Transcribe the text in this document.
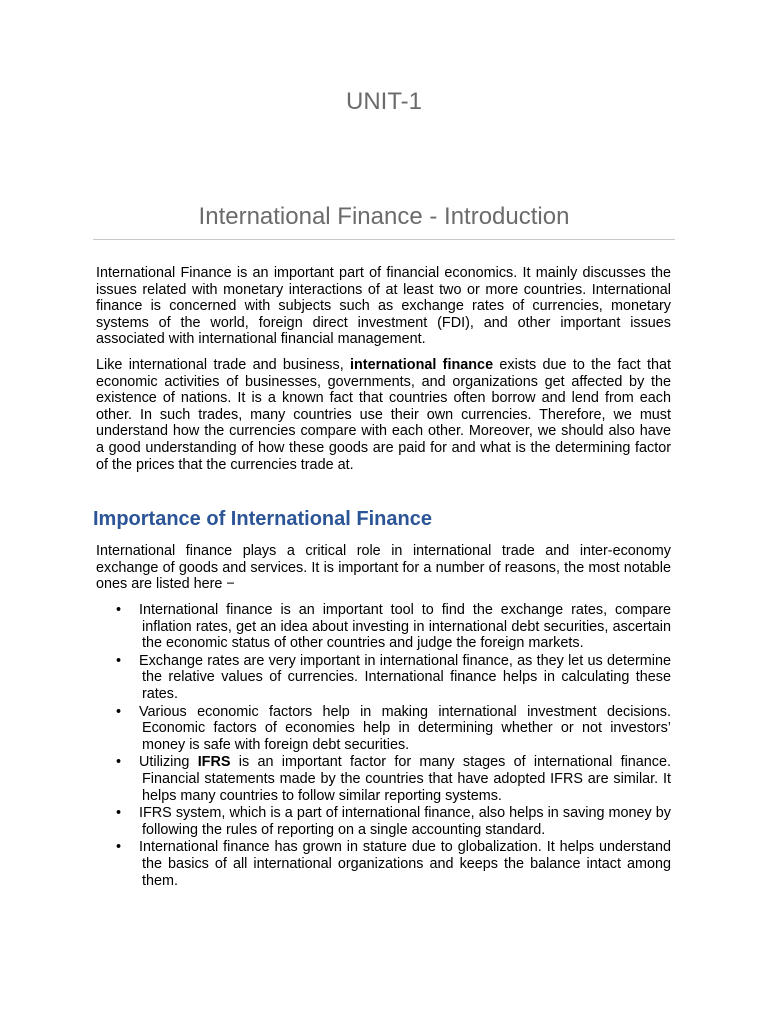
UNIT-1
International Finance - Introduction

International Finance is an important part of financial economics. It mainly discusses the issues related with monetary interactions of at least two or more countries. International finance is concerned with subjects such as exchange rates of currencies, monetary systems of the world, foreign direct investment (FDI), and other important issues associated with international financial management.

Like international trade and business, international finance exists due to the fact that economic activities of businesses, governments, and organizations get affected by the existence of nations. It is a known fact that countries often borrow and lend from each other. In such trades, many countries use their own currencies. Therefore, we must understand how the currencies compare with each other. Moreover, we should also have a good understanding of how these goods are paid for and what is the determining factor of the prices that the currencies trade at.

Importance of International Finance

International finance plays a critical role in international trade and inter-economy exchange of goods and services. It is important for a number of reasons, the most notable ones are listed here −

• International finance is an important tool to find the exchange rates, compare inflation rates, get an idea about investing in international debt securities, ascertain the economic status of other countries and judge the foreign markets.
• Exchange rates are very important in international finance, as they let us determine the relative values of currencies. International finance helps in calculating these rates.
• Various economic factors help in making international investment decisions. Economic factors of economies help in determining whether or not investors’ money is safe with foreign debt securities.
• Utilizing IFRS is an important factor for many stages of international finance. Financial statements made by the countries that have adopted IFRS are similar. It helps many countries to follow similar reporting systems.
• IFRS system, which is a part of international finance, also helps in saving money by following the rules of reporting on a single accounting standard.
• International finance has grown in stature due to globalization. It helps understand the basics of all international organizations and keeps the balance intact among them.
